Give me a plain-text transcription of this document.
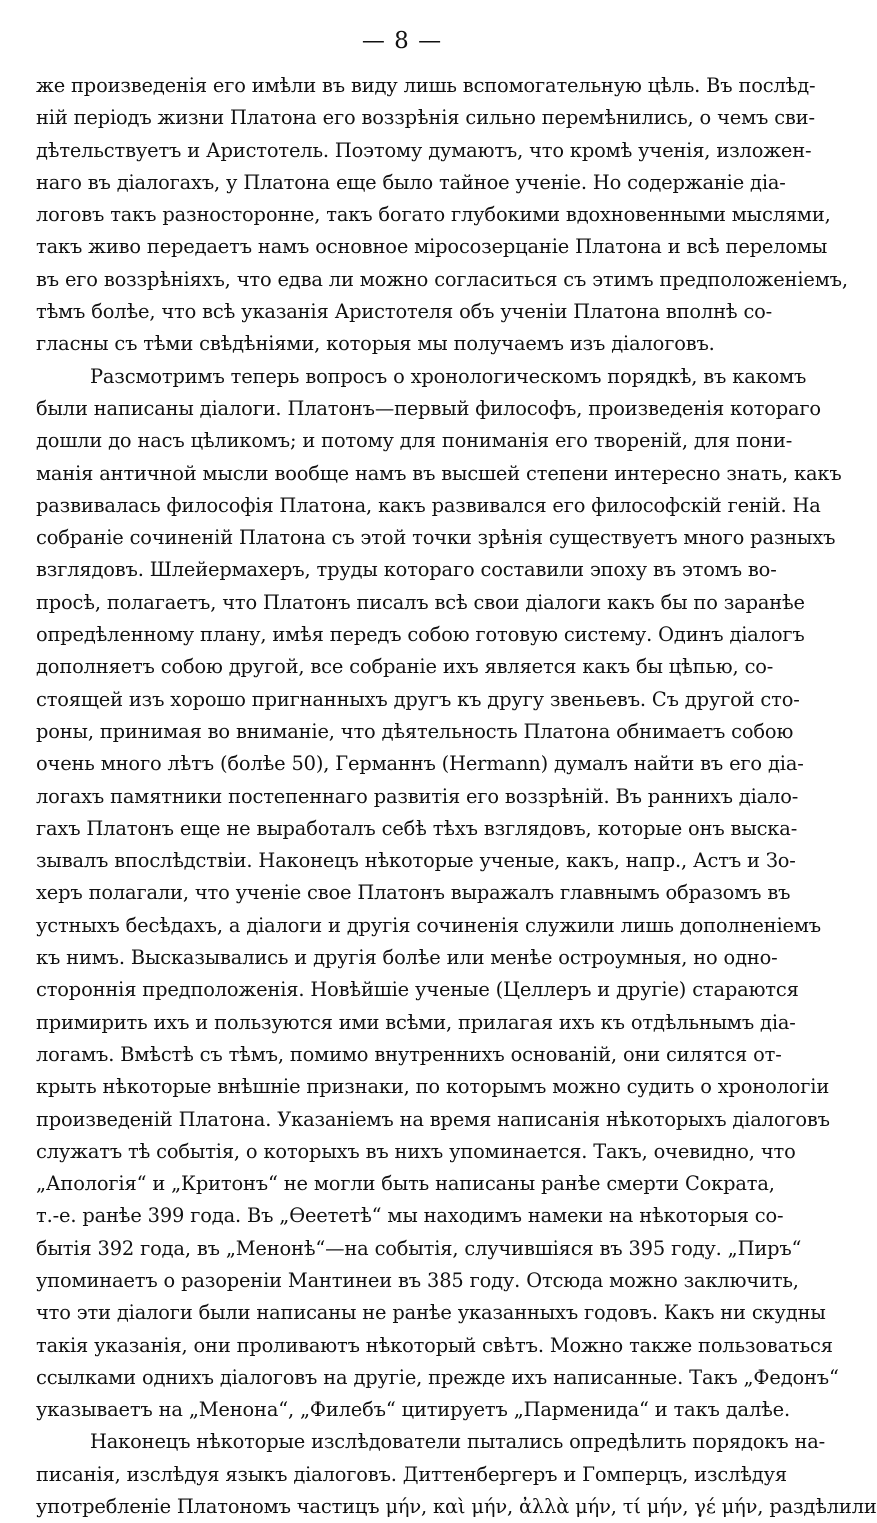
— 8 —
же произведенія его имѣли въ виду лишь вспомогательную цѣль. Въ послѣд-
ній періодъ жизни Платона его воззрѣнія сильно перемѣнились, о чемъ сви-
дѣтельствуетъ и Аристотель. Поэтому думаютъ, что кромѣ ученія, изложен-
наго въ діалогахъ, у Платона еще было тайное ученіе. Но содержаніе діа-
логовъ такъ разносторонне, такъ богато глубокими вдохновенными мыслями,
такъ живо передаетъ намъ основное міросозерцаніе Платона и всѣ переломы
въ его воззрѣніяхъ, что едва ли можно согласиться съ этимъ предположеніемъ,
тѣмъ болѣе, что всѣ указанія Аристотеля объ ученіи Платона вполнѣ со-
гласны съ тѣми свѣдѣніями, которыя мы получаемъ изъ діалоговъ.
Разсмотримъ теперь вопросъ о хронологическомъ порядкѣ, въ какомъ
были написаны діалоги. Платонъ—первый философъ, произведенія котораго
дошли до насъ цѣликомъ; и потому для пониманія его твореній, для пони-
манія античной мысли вообще намъ въ высшей степени интересно знать, какъ
развивалась философія Платона, какъ развивался его философскій геній. На
собраніе сочиненій Платона съ этой точки зрѣнія существуетъ много разныхъ
взглядовъ. Шлейермахеръ, труды котораго составили эпоху въ этомъ во-
просѣ, полагаетъ, что Платонъ писалъ всѣ свои діалоги какъ бы по заранѣе
опредѣленному плану, имѣя передъ собою готовую систему. Одинъ діалогъ
дополняетъ собою другой, все собраніе ихъ является какъ бы цѣпью, со-
стоящей изъ хорошо пригнанныхъ другъ къ другу звеньевъ. Съ другой сто-
роны, принимая во вниманіе, что дѣятельность Платона обнимаетъ собою
очень много лѣтъ (болѣе 50), Германнъ (Hermann) думалъ найти въ его діа-
логахъ памятники постепеннаго развитія его воззрѣній. Въ раннихъ діало-
гахъ Платонъ еще не выработалъ себѣ тѣхъ взглядовъ, которые онъ выска-
зывалъ впослѣдствіи. Наконецъ нѣкоторые ученые, какъ, напр., Астъ и Зо-
херъ полагали, что ученіе свое Платонъ выражалъ главнымъ образомъ въ
устныхъ бесѣдахъ, а діалоги и другія сочиненія служили лишь дополненіемъ
къ нимъ. Высказывались и другія болѣе или менѣе остроумныя, но одно-
стороннія предположенія. Новѣйшіе ученые (Целлеръ и другіе) стараются
примирить ихъ и пользуются ими всѣми, прилагая ихъ къ отдѣльнымъ діа-
логамъ. Вмѣстѣ съ тѣмъ, помимо внутреннихъ основаній, они силятся от-
крыть нѣкоторые внѣшніе признаки, по которымъ можно судить о хронологіи
произведеній Платона. Указаніемъ на время написанія нѣкоторыхъ діалоговъ
служатъ тѣ событія, о которыхъ въ нихъ упоминается. Такъ, очевидно, что
„Апологія“ и „Критонъ“ не могли быть написаны ранѣе смерти Сократа,
т.-е. ранѣе 399 года. Въ „Ѳеететѣ“ мы находимъ намеки на нѣкоторыя со-
бытія 392 года, въ „Менонѣ“—на событія, случившіяся въ 395 году. „Пиръ“
упоминаетъ о разореніи Мантинеи въ 385 году. Отсюда можно заключить,
что эти діалоги были написаны не ранѣе указанныхъ годовъ. Какъ ни скудны
такія указанія, они проливаютъ нѣкоторый свѣтъ. Можно также пользоваться
ссылками однихъ діалоговъ на другіе, прежде ихъ написанные. Такъ „Федонъ“
указываетъ на „Менона“, „Филебъ“ цитируетъ „Парменида“ и такъ далѣе.
Наконецъ нѣкоторые изслѣдователи пытались опредѣлить порядокъ на-
писанія, изслѣдуя языкъ діалоговъ. Диттенбергеръ и Гомперцъ, изслѣдуя
употребленіе Платономъ частицъ μήν, καὶ μήν, ἀλλὰ μήν, τί μήν, γέ μήν, раздѣлили
